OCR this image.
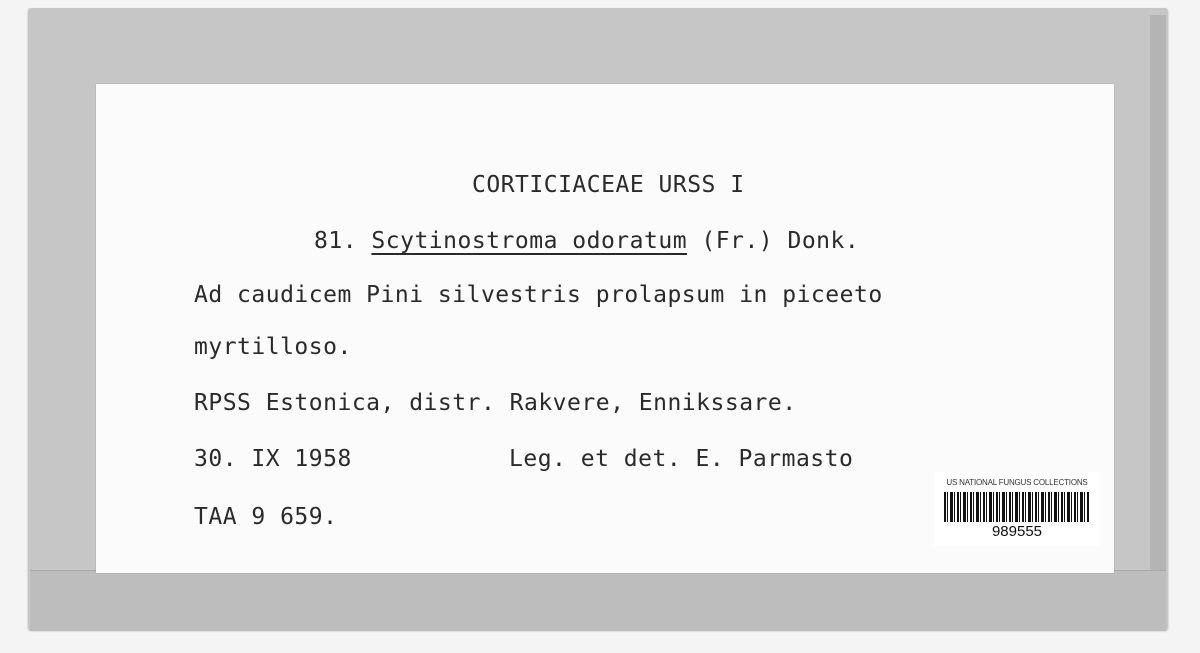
CORTICIACEAE URSS I
81. Scytinostroma odoratum (Fr.) Donk.
Ad caudicem Pini silvestris prolapsum in piceeto
myrtilloso.
RPSS Estonica, distr. Rakvere, Ennikssare.
30. IX 1958	Leg. et det. E. Parmasto
TAA 9 659.
US NATIONAL FUNGUS COLLECTIONS
989555
